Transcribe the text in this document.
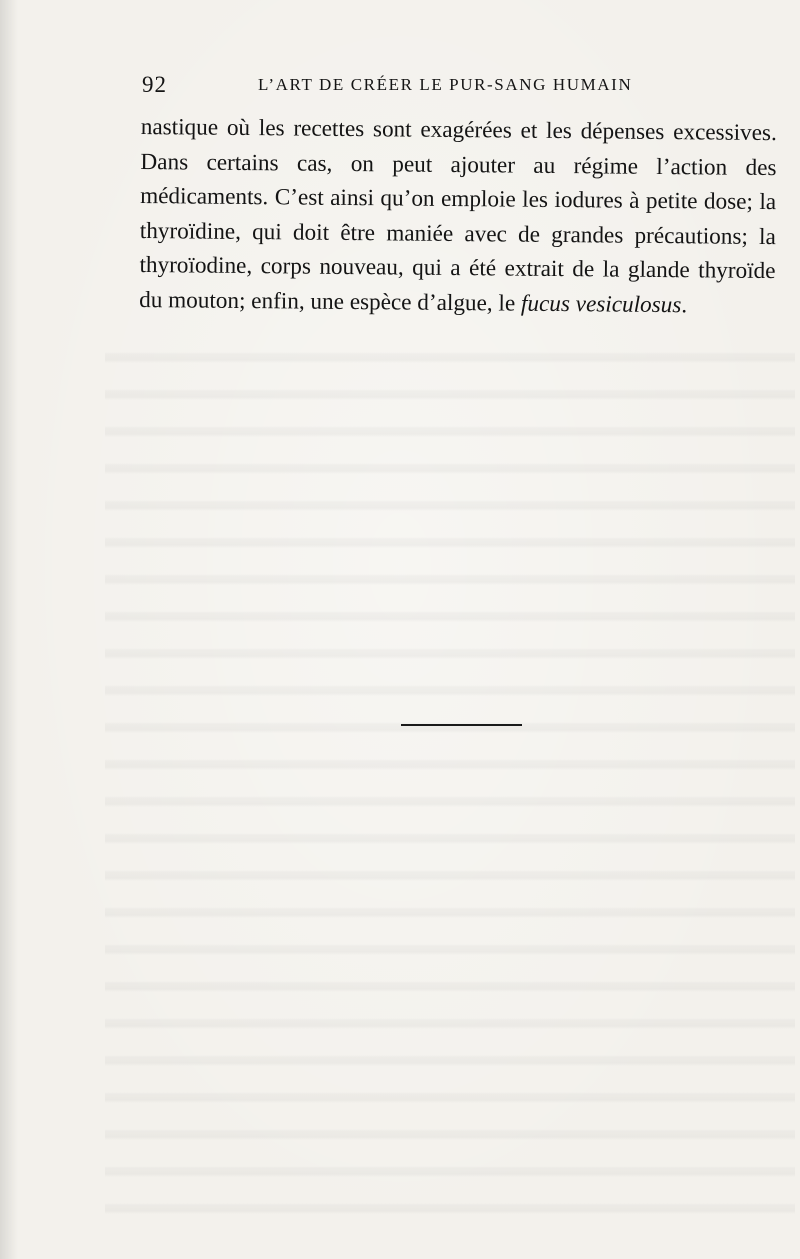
92	L’ART DE CRÉER LE PUR-SANG HUMAIN

nastique où les recettes sont exagérées et les dépenses excessives. Dans certains cas, on peut ajouter au régime l’action des médicaments. C’est ainsi qu’on emploie les iodures à petite dose; la thyroïdine, qui doit être maniée avec de grandes précautions; la thyroïodine, corps nouveau, qui a été extrait de la glande thyroïde du mouton; enfin, une espèce d’algue, le fucus vesiculosus.
